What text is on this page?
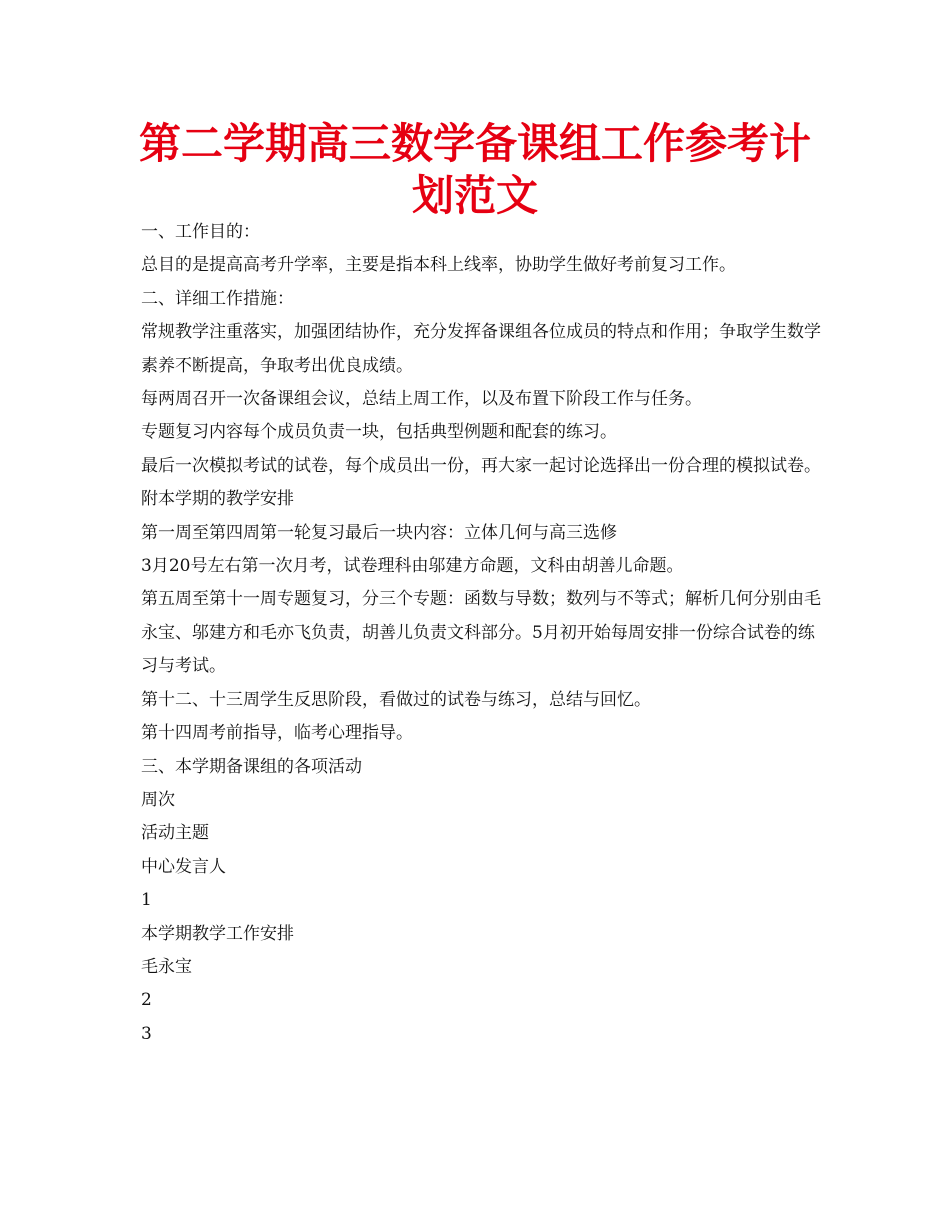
第二学期高三数学备课组工作参考计划范文

一、工作目的：

总目的是提高高考升学率，主要是指本科上线率，协助学生做好考前复习工作。

二、详细工作措施：

常规教学注重落实，加强团结协作，充分发挥备课组各位成员的特点和作用；争取学生数学素养不断提高，争取考出优良成绩。

每两周召开一次备课组会议，总结上周工作，以及布置下阶段工作与任务。

专题复习内容每个成员负责一块，包括典型例题和配套的练习。

最后一次模拟考试的试卷，每个成员出一份，再大家一起讨论选择出一份合理的模拟试卷。

附本学期的教学安排

第一周至第四周第一轮复习最后一块内容：立体几何与高三选修

3月20号左右第一次月考，试卷理科由邬建方命题，文科由胡善儿命题。

第五周至第十一周专题复习，分三个专题：函数与导数；数列与不等式；解析几何分别由毛永宝、邬建方和毛亦飞负责，胡善儿负责文科部分。5月初开始每周安排一份综合试卷的练习与考试。

第十二、十三周学生反思阶段，看做过的试卷与练习，总结与回忆。

第十四周考前指导，临考心理指导。

三、本学期备课组的各项活动

周次

活动主题

中心发言人

1

本学期教学工作安排

毛永宝

2

3
